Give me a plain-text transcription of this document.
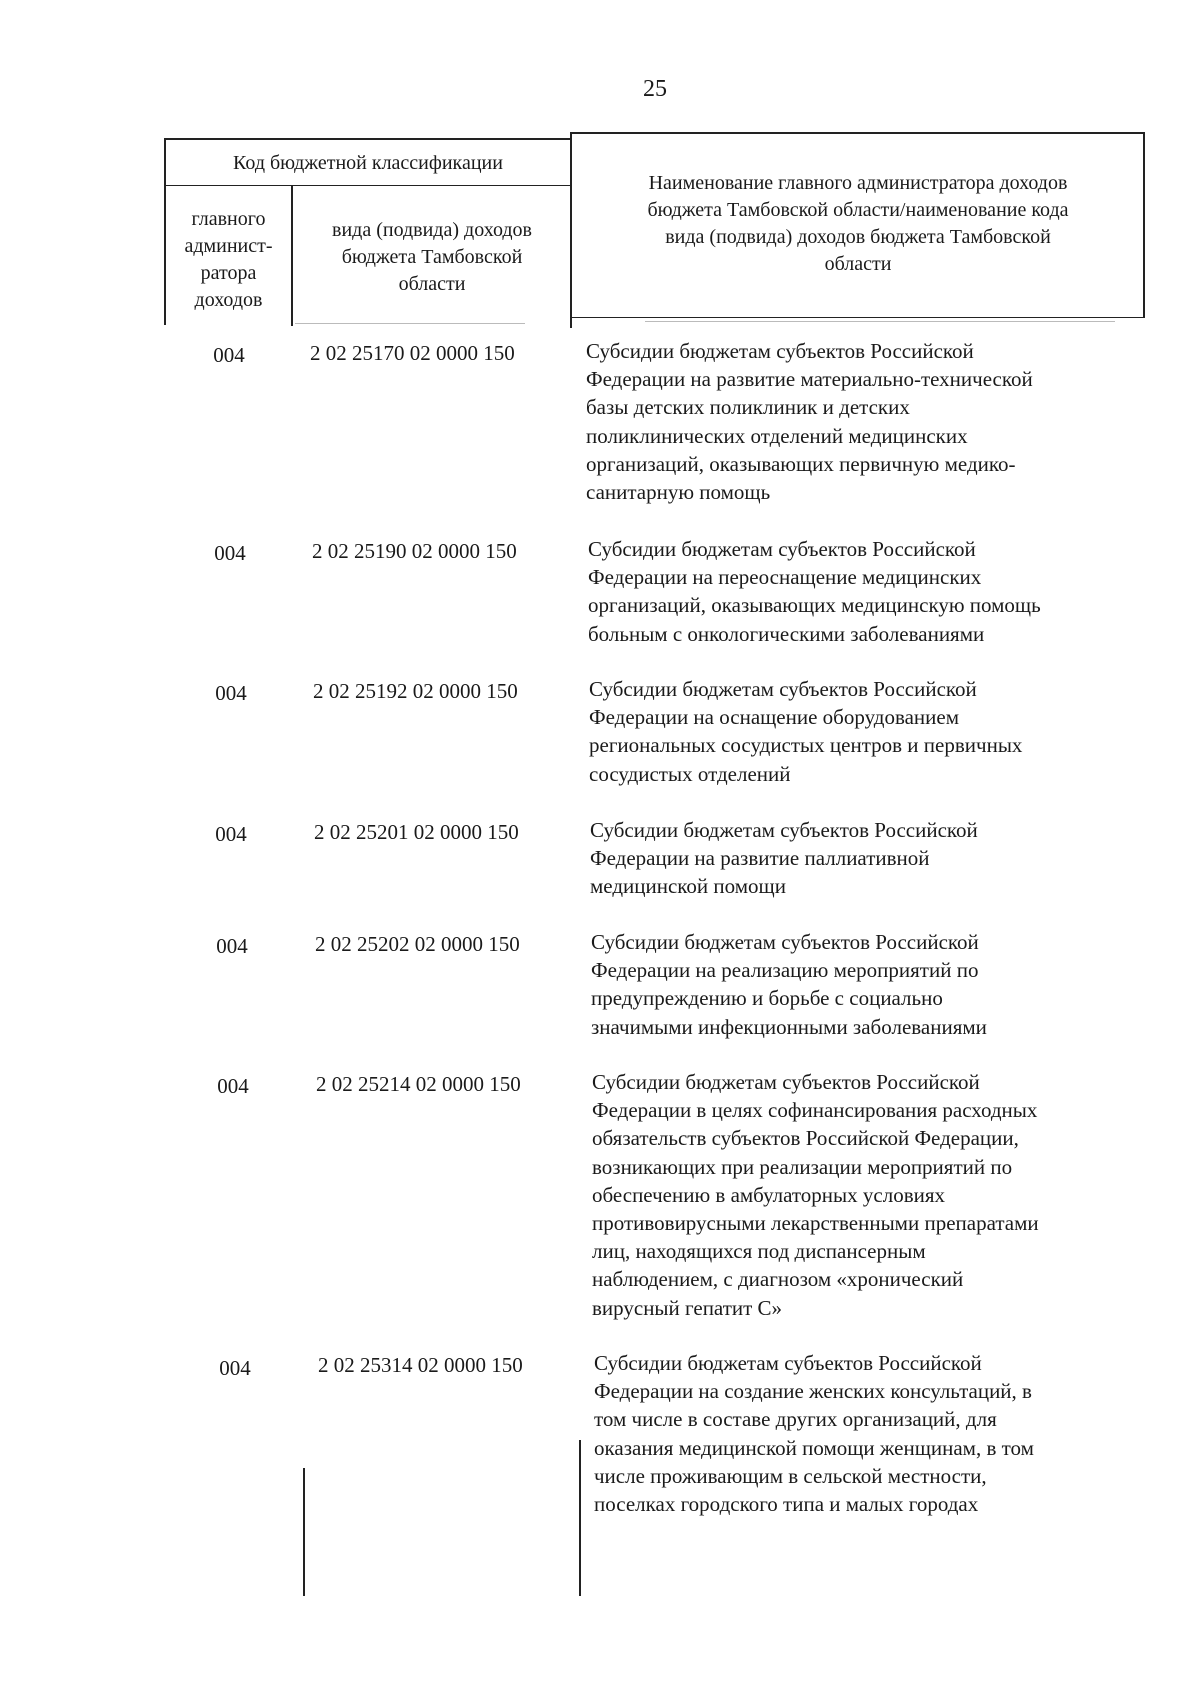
25
Код бюджетной классификации
главного
админист-
ратора
доходов
вида (подвида) доходов
бюджета Тамбовской
области
Наименование главного администратора доходов
бюджета Тамбовской области/наименование кода
вида (подвида) доходов бюджета Тамбовской
области
004	2 02 25170 02 0000 150	Субсидии бюджетам субъектов Российской
Федерации на развитие материально-технической
базы детских поликлиник и детских
поликлинических отделений медицинских
организаций, оказывающих первичную медико-
санитарную помощь
004	2 02 25190 02 0000 150	Субсидии бюджетам субъектов Российской
Федерации на переоснащение медицинских
организаций, оказывающих медицинскую помощь
больным с онкологическими заболеваниями
004	2 02 25192 02 0000 150	Субсидии бюджетам субъектов Российской
Федерации на оснащение оборудованием
региональных сосудистых центров и первичных
сосудистых отделений
004	2 02 25201 02 0000 150	Субсидии бюджетам субъектов Российской
Федерации на развитие паллиативной
медицинской помощи
004	2 02 25202 02 0000 150	Субсидии бюджетам субъектов Российской
Федерации на реализацию мероприятий по
предупреждению и борьбе с социально
значимыми инфекционными заболеваниями
004	2 02 25214 02 0000 150	Субсидии бюджетам субъектов Российской
Федерации в целях софинансирования расходных
обязательств субъектов Российской Федерации,
возникающих при реализации мероприятий по
обеспечению в амбулаторных условиях
противовирусными лекарственными препаратами
лиц, находящихся под диспансерным
наблюдением, с диагнозом «хронический
вирусный гепатит С»
004	2 02 25314 02 0000 150	Субсидии бюджетам субъектов Российской
Федерации на создание женских консультаций, в
том числе в составе других организаций, для
оказания медицинской помощи женщинам, в том
числе проживающим в сельской местности,
поселках городского типа и малых городах
